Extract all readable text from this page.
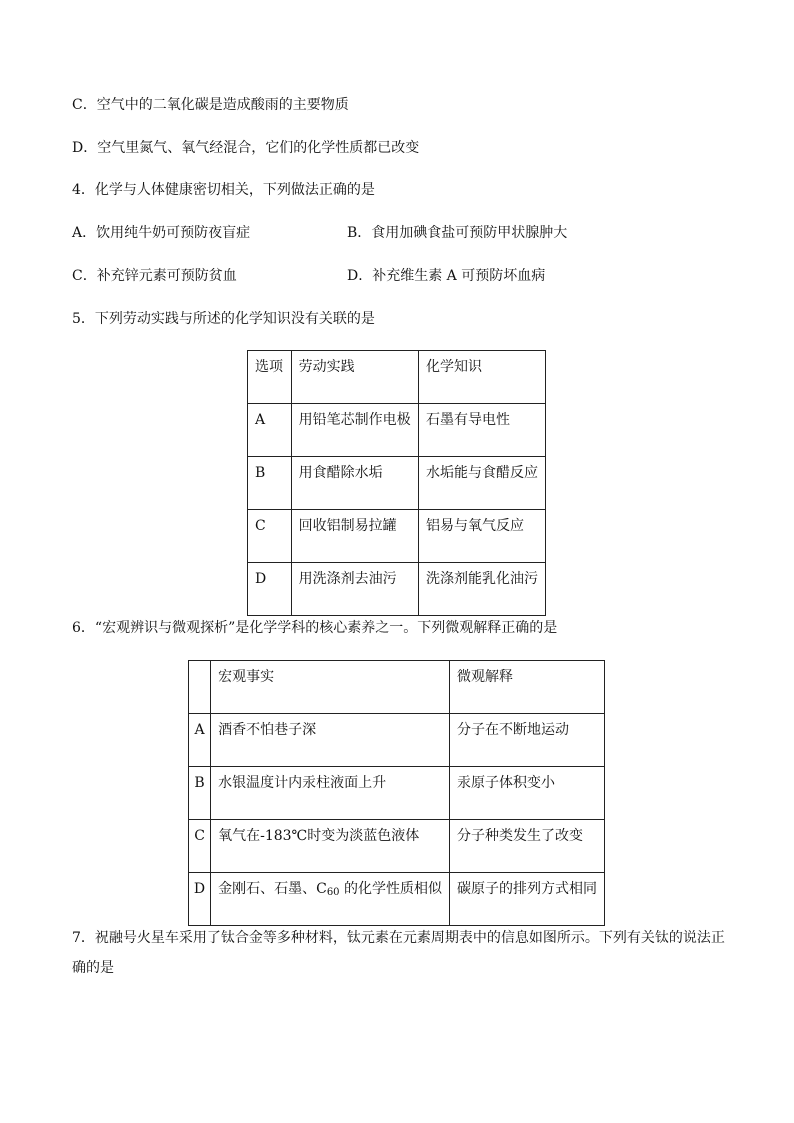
C．空气中的二氧化碳是造成酸雨的主要物质
D．空气里氮气、氧气经混合，它们的化学性质都已改变
4．化学与人体健康密切相关，下列做法正确的是
A．饮用纯牛奶可预防夜盲症	B．食用加碘食盐可预防甲状腺肿大
C．补充锌元素可预防贫血	D．补充维生素 A 可预防坏血病
5．下列劳动实践与所述的化学知识没有关联的是
选项	劳动实践	化学知识
A	用铅笔芯制作电极	石墨有导电性
B	用食醋除水垢	水垢能与食醋反应
C	回收铝制易拉罐	铝易与氧气反应
D	用洗涤剂去油污	洗涤剂能乳化油污
6．“宏观辨识与微观探析”是化学学科的核心素养之一。下列微观解释正确的是
	宏观事实	微观解释
A	酒香不怕巷子深	分子在不断地运动
B	水银温度计内汞柱液面上升	汞原子体积变小
C	氧气在-183℃时变为淡蓝色液体	分子种类发生了改变
D	金刚石、石墨、$C_{60}$ 的化学性质相似	碳原子的排列方式相同
7．祝融号火星车采用了钛合金等多种材料，钛元素在元素周期表中的信息如图所示。下列有关钛的说法正
确的是
